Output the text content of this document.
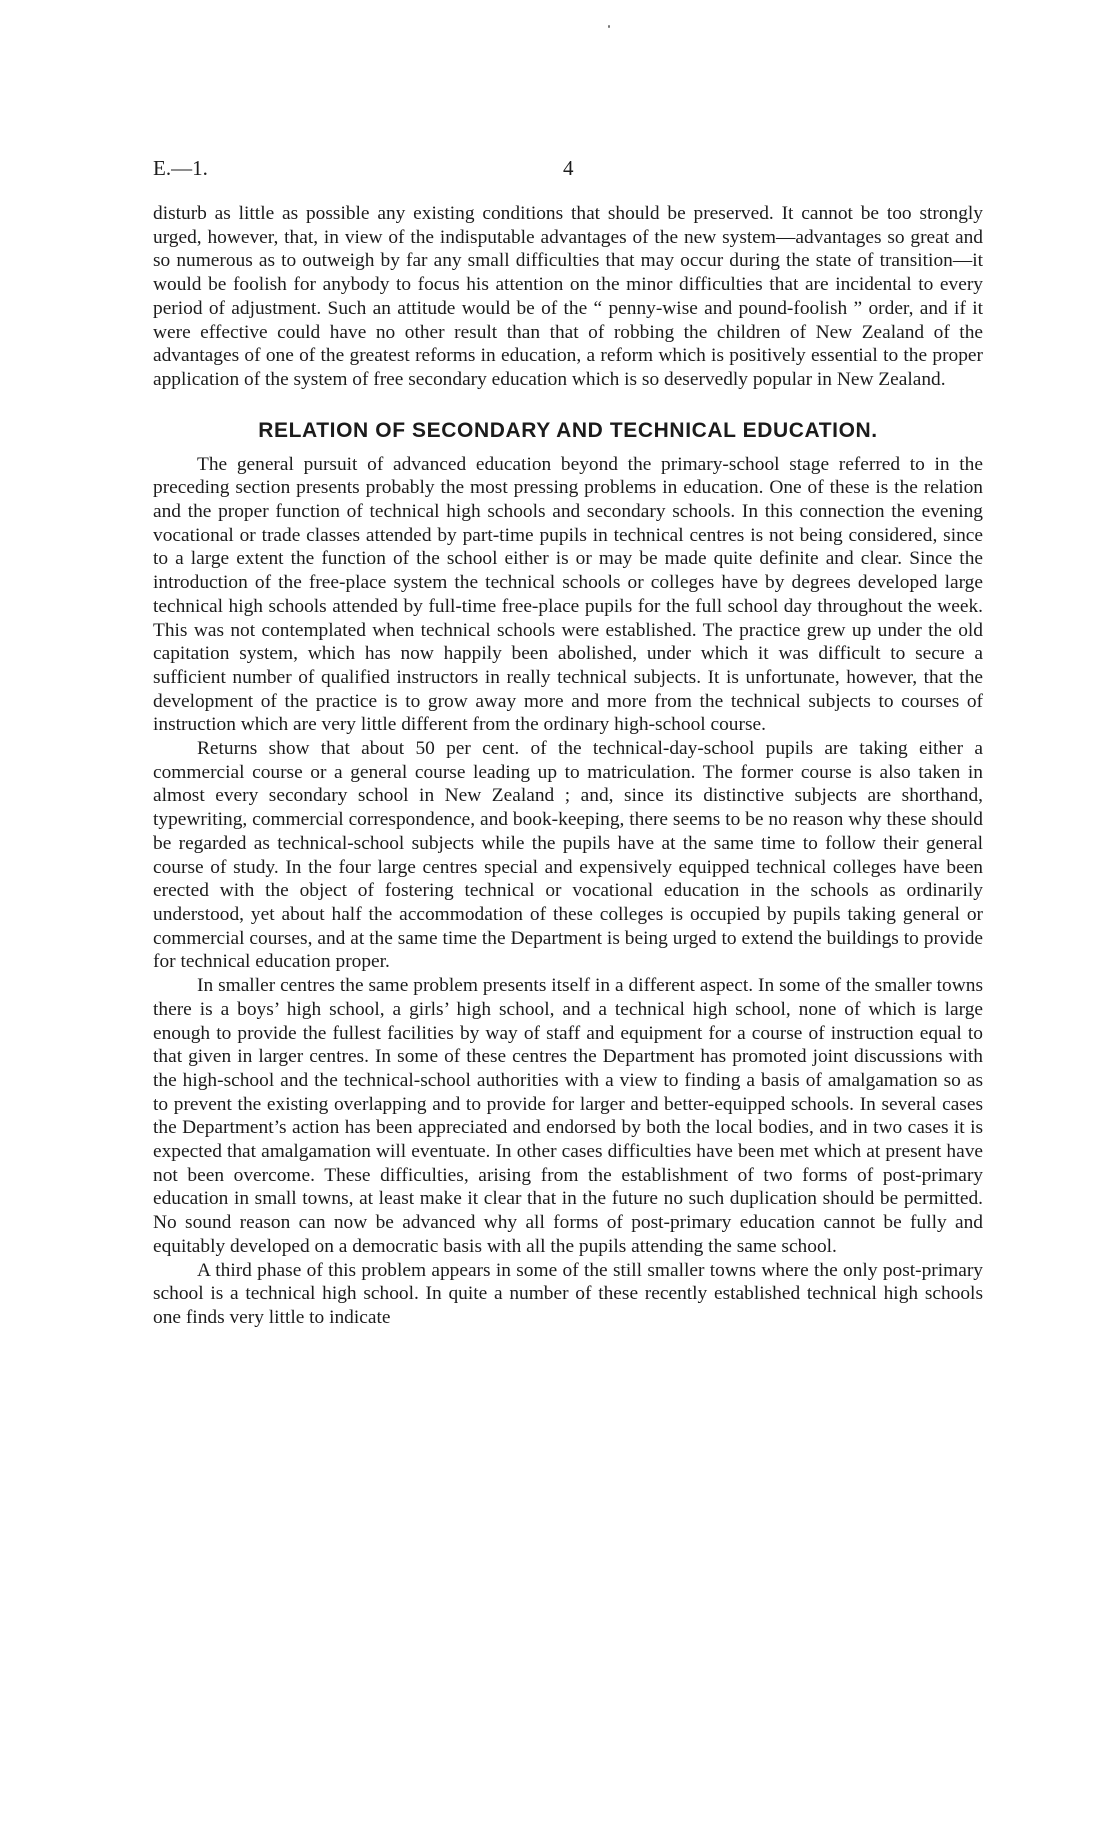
E.—1.	4

disturb as little as possible any existing conditions that should be preserved. It cannot be too strongly urged, however, that, in view of the indisputable advantages of the new system—advantages so great and so numerous as to outweigh by far any small difficulties that may occur during the state of transition—it would be foolish for anybody to focus his attention on the minor difficulties that are incidental to every period of adjustment. Such an attitude would be of the “ penny-wise and pound-foolish ” order, and if it were effective could have no other result than that of robbing the children of New Zealand of the advantages of one of the greatest reforms in education, a reform which is positively essential to the proper application of the system of free secondary education which is so deservedly popular in New Zealand.

RELATION OF SECONDARY AND TECHNICAL EDUCATION.

The general pursuit of advanced education beyond the primary-school stage referred to in the preceding section presents probably the most pressing problems in education. One of these is the relation and the proper function of technical high schools and secondary schools. In this connection the evening vocational or trade classes attended by part-time pupils in technical centres is not being considered, since to a large extent the function of the school either is or may be made quite definite and clear. Since the introduction of the free-place system the technical schools or colleges have by degrees developed large technical high schools attended by full-time free-place pupils for the full school day throughout the week. This was not contemplated when technical schools were established. The practice grew up under the old capitation system, which has now happily been abolished, under which it was difficult to secure a sufficient number of qualified instructors in really technical subjects. It is unfortunate, however, that the development of the practice is to grow away more and more from the technical subjects to courses of instruction which are very little different from the ordinary high-school course.

Returns show that about 50 per cent. of the technical-day-school pupils are taking either a commercial course or a general course leading up to matriculation. The former course is also taken in almost every secondary school in New Zealand ; and, since its distinctive subjects are shorthand, typewriting, commercial correspondence, and book-keeping, there seems to be no reason why these should be regarded as technical-school subjects while the pupils have at the same time to follow their general course of study. In the four large centres special and expensively equipped technical colleges have been erected with the object of fostering technical or vocational education in the schools as ordinarily understood, yet about half the accommodation of these colleges is occupied by pupils taking general or commercial courses, and at the same time the Department is being urged to extend the buildings to provide for technical education proper.

In smaller centres the same problem presents itself in a different aspect. In some of the smaller towns there is a boys’ high school, a girls’ high school, and a technical high school, none of which is large enough to provide the fullest facilities by way of staff and equipment for a course of instruction equal to that given in larger centres. In some of these centres the Department has promoted joint discussions with the high-school and the technical-school authorities with a view to finding a basis of amalgamation so as to prevent the existing overlapping and to provide for larger and better-equipped schools. In several cases the Department’s action has been appreciated and endorsed by both the local bodies, and in two cases it is expected that amalgamation will eventuate. In other cases difficulties have been met which at present have not been overcome. These difficulties, arising from the establishment of two forms of post-primary education in small towns, at least make it clear that in the future no such duplication should be permitted. No sound reason can now be advanced why all forms of post-primary education cannot be fully and equitably developed on a democratic basis with all the pupils attending the same school.

A third phase of this problem appears in some of the still smaller towns where the only post-primary school is a technical high school. In quite a number of these recently established technical high schools one finds very little to indicate
